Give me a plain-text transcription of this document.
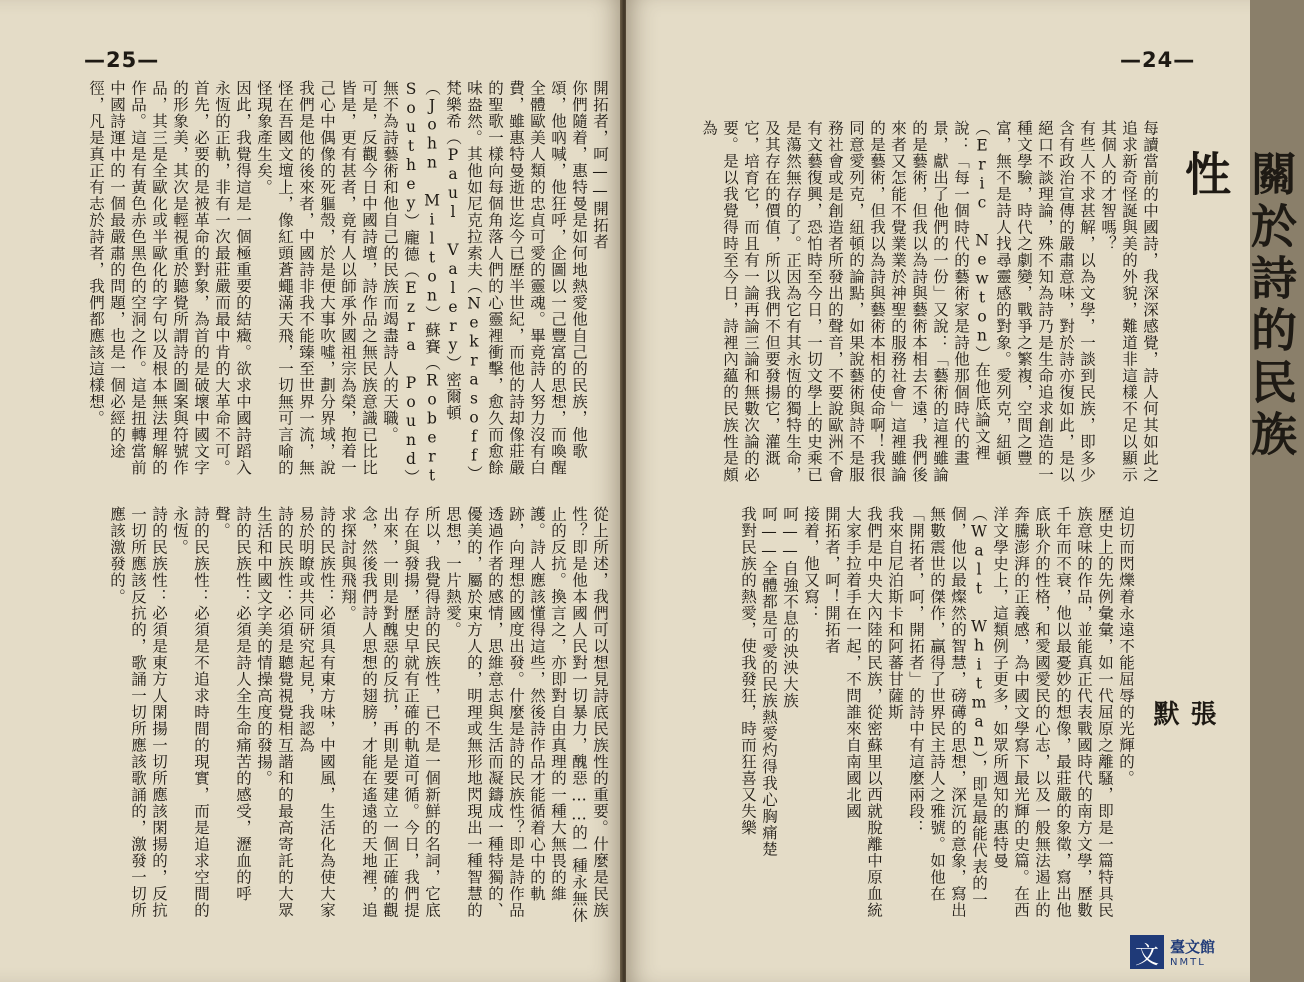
—25—
開拓者，呵——開拓者
你們隨着，惠特曼是如何地熱愛他自己的民族，他歌頌，他吶喊，他狂呼，企圖以一己豐富的思想，而喚醒全體歐美人類的忠貞可愛的靈魂。畢竟詩人努力沒有白費，雖惠特曼逝世迄今已歷半世紀，而他的詩却像莊嚴的聖歌一樣向每個角落人們的心靈裡衝擊，愈久而愈餘味盎然。其他如尼克拉索夫（Nekrasoff）梵樂希（Paul Valery）密爾頓（John Milton）蘇賽（Robert Southey）龐德（Ezra Pound）無不為詩藝術和他自己的民族而竭盡詩人的天職。
可是，反觀今日中國詩壇，詩作品之無民族意識已比比皆是，更有甚者，竟有人以師承外國祖宗為榮，抱着一己心中偶像的死軀殼，於是便大事吹噓，劃分界域，說我們是他的後來者，中國詩非我不能臻至世界一流，無怪在吾國文壇上，像紅頭蒼蠅滿天飛，一切無可言喻的怪現象產生矣。
因此，我覺得這是一個極重要的結癥。欲求中國詩蹈入永恆的正軌，非有一次最莊嚴而最中肯的大革命不可。首先，必要的是被革命的對象，為首的是破壞中國文字的形象美，其次是輕視重於聽覺所謂詩的圖案與符號作品，其三是全歐化或半歐化的字句以及根本無法理解的作品。這是有黃色赤色黑色的空洞之作。這是扭轉當前中國詩運中的一個最嚴肅的問題，也是一個必經的途徑，凡是真正有志於詩者，我們都應該這樣想。
從上所述，我們可以想見詩底民族性的重要。什麼是民族性？即是他本國人民對一切暴力，醜惡……的一種永無休止的反抗。換言之，亦即對自由真理的一種大無畏的維護。詩人應該懂得這些，然後詩作品才能循着心中的軌跡，向理想的國度出發。什麼是詩的民族性？即是詩作品透過作者的感情，思維意志與生活而凝鑄成一種特獨的、優美的，屬於東方人的，明理或無形地閃現出一種智慧的思想，一片熱愛。
所以，我覺得詩的民族性，已不是一個新鮮的名詞，它底存在與發揚，歷史早就有正確的軌道可循。今日，我們提出來，一則是對醜惡的反抗，再則是要建立一個正確的觀念，然後我們詩人思想的翅膀，才能在遙遠的天地裡，追求探討與飛翔。
詩的民族性：必須具有東方味，中國風，生活化為使大家易於明瞭或共同研究起見，我認為
詩的民族性：必須是聽覺視覺相互諧和的最高寄託的大眾生活和中國文字美的情操高度的發揚。
詩的民族性：必須是詩人全生命痛苦的感受，瀝血的呼聲。
詩的民族性：必須是不追求時間的現實，而是追求空間的永恆。
詩的民族性：必須是東方人閑揚一切所應該閑揚的，反抗一切所應該反抗的，歌誦一切所應該歌誦的，激發一切所應該激發的。
—24—
關於詩的民族性
每讀當前的中國詩，我深深感覺，詩人何其如此之追求新奇怪誕與美的外貌，難道非這樣不足以顯示其個人的才智嗎？
有些人不求甚解，以為文學，一談到民族，即多少含有政治宣傳的嚴肅意味，對於詩亦復如此，是以絕口不談理論，殊不知為詩乃是生命追求創造的一種文學驗，時代之劇變，戰爭之繁複，空間之豐富，無不是詩人找尋靈感的對象。愛列克，紐頓（Eric Newton）在他底論文裡說：「每一個時代的藝術家是詩他那個時代的畫景，獻出了他們的一份」又說：「藝術的這裡雖論的是藝術，但我以為詩與藝術本相去不遠，我們後來者又怎能不覺業業於神聖的服務社會」這裡雖論的是藝術，但我以為詩與藝術本相的使命啊！我很同意愛列克，紐頓的論點，如果說藝術與詩不是服務社會或是創造者所發出的聲音，不要說歐洲不會有文藝復興，恐怕時至今日，一切文學上的史乘已是蕩然無存的了。正因為它有其永恆的獨特生命，及其存在的價值，所以我們不但要發揚它，灌溉它，培育它，而且有一論再論三論和無數次論的必要。是以我覺得時至今日，詩裡內蘊的民族性是頗為
張默
迫切而閃爍着永遠不能屈辱的光輝的。
歷史上的先例彙彙，如一代屈原之離騷，即是一篇特具民族意味的作品，並能真正代表戰國時代的南方文學，歷數千年而不衰，他以最憂妙的想像，最莊嚴的象徵，寫出他底耿介的性格，和愛國愛民的心志，以及一般無法遏止的奔騰澎湃的正義感，為中國文學寫下最光輝的史篇。在西洋文學史上，這類例子更多，如眾所週知的惠特曼（Walt Whitman），即是最能代表的一個，他以最燦然的智慧，磅礡的思想，深沉的意象，寫出無數震世的傑作，贏得了世界民主詩人之雅號。如他在「開拓者，呵，開拓者」的詩中有這麼兩段：
我來自尼泊斯卡和阿蕃甘薩斯
我們是中央大內陸的民族，從密蘇里以西就脫離中原血統
大家手拉着手在一起，不問誰來自南國北國
開拓者，呵！開拓者
接着，他又寫：
呵——自強不息的泱泱大族
呵——全體都是可愛的民族熱愛灼得我心胸痛楚
我對民族的熱愛，使我發狂，時而狂喜又失樂
文 臺文館
NMTL
